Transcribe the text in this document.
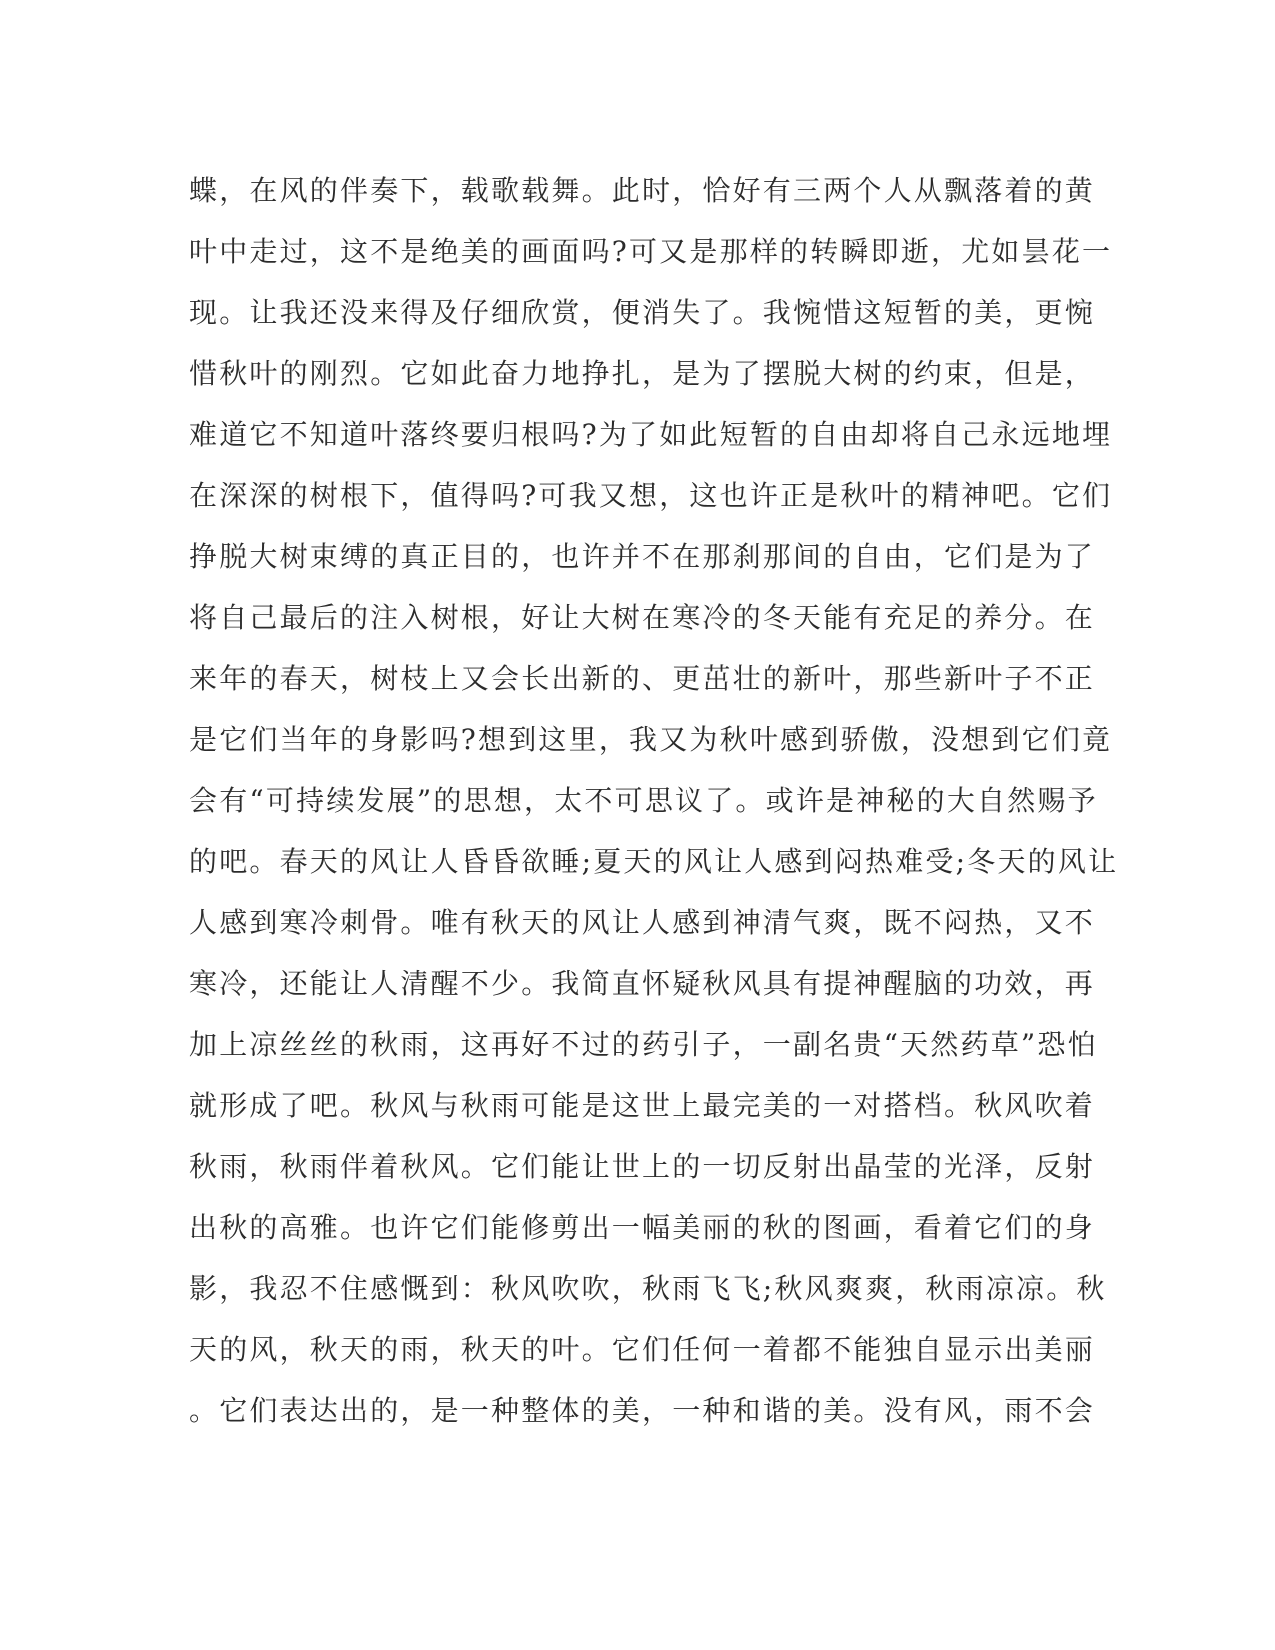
蝶，在风的伴奏下，载歌载舞。此时，恰好有三两个人从飘落着的黄
叶中走过，这不是绝美的画面吗?可又是那样的转瞬即逝，尤如昙花一
现。让我还没来得及仔细欣赏，便消失了。我惋惜这短暂的美，更惋
惜秋叶的刚烈。它如此奋力地挣扎，是为了摆脱大树的约束，但是，
难道它不知道叶落终要归根吗?为了如此短暂的自由却将自己永远地埋
在深深的树根下，值得吗?可我又想，这也许正是秋叶的精神吧。它们
挣脱大树束缚的真正目的，也许并不在那刹那间的自由，它们是为了
将自己最后的注入树根，好让大树在寒冷的冬天能有充足的养分。在
来年的春天，树枝上又会长出新的、更茁壮的新叶，那些新叶子不正
是它们当年的身影吗?想到这里，我又为秋叶感到骄傲，没想到它们竟
会有“可持续发展”的思想，太不可思议了。或许是神秘的大自然赐予
的吧。春天的风让人昏昏欲睡;夏天的风让人感到闷热难受;冬天的风让
人感到寒冷刺骨。唯有秋天的风让人感到神清气爽，既不闷热，又不
寒冷，还能让人清醒不少。我简直怀疑秋风具有提神醒脑的功效，再
加上凉丝丝的秋雨，这再好不过的药引子，一副名贵“天然药草”恐怕
就形成了吧。秋风与秋雨可能是这世上最完美的一对搭档。秋风吹着
秋雨，秋雨伴着秋风。它们能让世上的一切反射出晶莹的光泽，反射
出秋的高雅。也许它们能修剪出一幅美丽的秋的图画，看着它们的身
影，我忍不住感慨到：秋风吹吹，秋雨飞飞;秋风爽爽，秋雨凉凉。秋
天的风，秋天的雨，秋天的叶。它们任何一着都不能独自显示出美丽
。它们表达出的，是一种整体的美，一种和谐的美。没有风，雨不会
